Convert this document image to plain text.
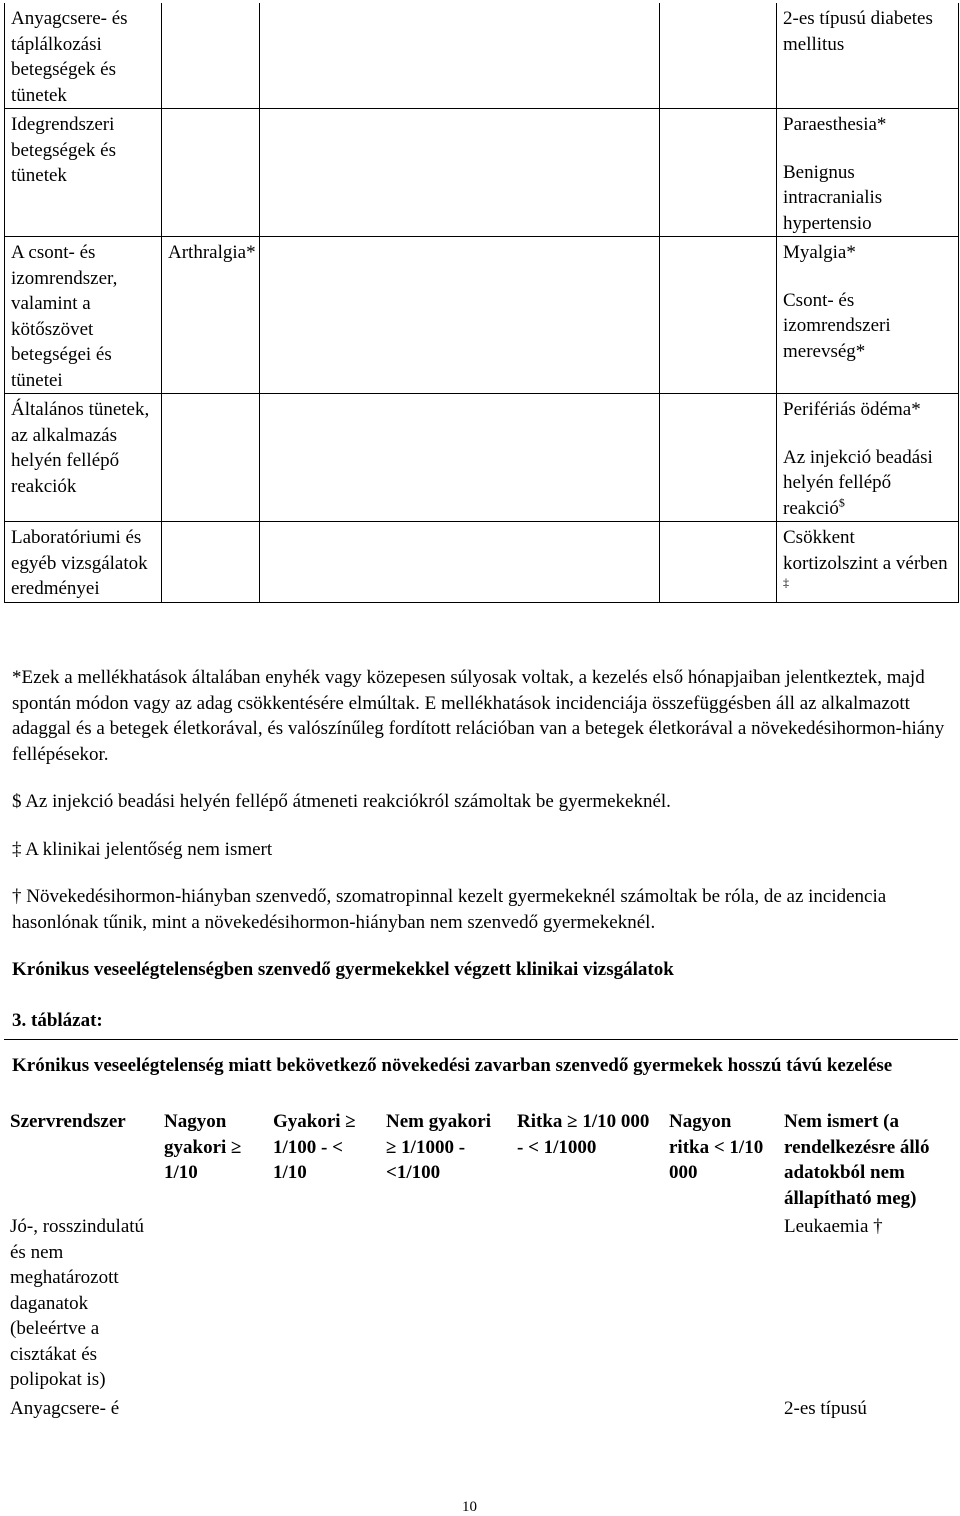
Anyagcsere- és táplálkozási betegségek és tünetek				2-es típusú diabetes mellitus
Idegrendszeri betegségek és tünetek				Paraesthesia*
Benignus intracranialis hypertensio

A csont- és izomrendszer, valamint a kötőszövet betegségei és tünetei	Arthralgia*			Myalgia*
Csont- és izomrendszeri merevség*

Általános tünetek, az alkalmazás helyén fellépő reakciók				Perifériás ödéma*
Az injekció beadási helyén fellépő reakció$

Laboratóriumi és egyéb vizsgálatok eredményei				Csökkent kortizolszint a vérben ‡

*Ezek a mellékhatások általában enyhék vagy közepesen súlyosak voltak, a kezelés első hónapjaiban jelentkeztek, majd spontán módon vagy az adag csökkentésére elmúltak. E mellékhatások incidenciája összefüggésben áll az alkalmazott adaggal és a betegek életkorával, és valószínűleg fordított relációban van a betegek életkorával a növekedésihormon-hiány fellépésekor.

$ Az injekció beadási helyén fellépő átmeneti reakciókról számoltak be gyermekeknél.

‡ A klinikai jelentőség nem ismert

† Növekedésihormon-hiányban szenvedő, szomatropinnal kezelt gyermekeknél számoltak be róla, de az incidencia hasonlónak tűnik, mint a növekedésihormon-hiányban nem szenvedő gyermekeknél.

Krónikus veseelégtelenségben szenvedő gyermekekkel végzett klinikai vizsgálatok

3. táblázat:

Krónikus veseelégtelenség miatt bekövetkező növekedési zavarban szenvedő gyermekek hosszú távú kezelése

Szervrendszer	Nagyon gyakori ≥ 1/10	Gyakori ≥ 1/100 - < 1/10	Nem gyakori ≥ 1/1000 - <1/100	Ritka ≥ 1/10 000 - < 1/1000	Nagyon ritka < 1/10 000	Nem ismert (a rendelkezésre álló adatokból nem állapítható meg)
Jó-, rosszindulatú és nem meghatározott daganatok (beleértve a cisztákat és polipokat is)						Leukaemia †
Anyagcsere- é						2-es típusú
10
